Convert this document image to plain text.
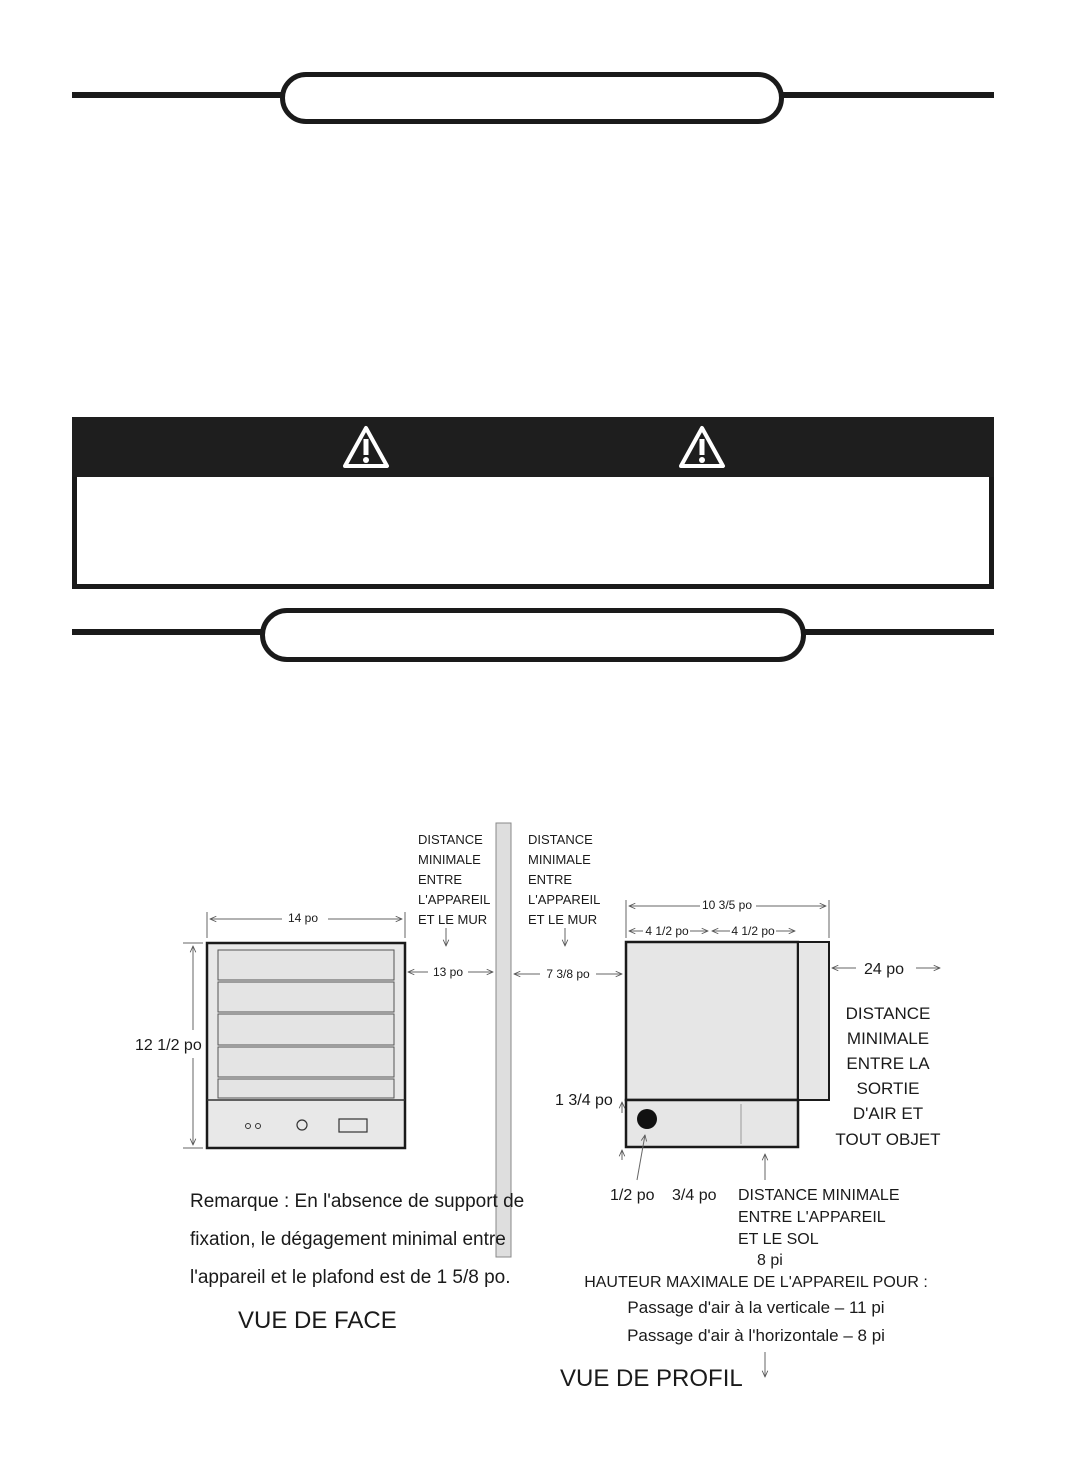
14 po
12 1/2 po
13 po
DISTANCE
MINIMALE
ENTRE
L'APPAREIL
ET LE MUR
DISTANCE
MINIMALE
ENTRE
L'APPAREIL
ET LE MUR
7 3/8 po
10 3/5 po
4 1/2 po	4 1/2 po
24 po
DISTANCE
MINIMALE
ENTRE LA
SORTIE
D'AIR ET
TOUT OBJET
1 3/4 po
1/2 po 3/4 po DISTANCE MINIMALE
ENTRE L'APPAREIL
ET LE SOL
8 pi
HAUTEUR MAXIMALE DE L'APPAREIL POUR :
Passage d'air à la verticale – 11 pi
Passage d'air à l'horizontale – 8 pi
Remarque : En l'absence de support de
fixation, le dégagement minimal entre
l'appareil et le plafond est de 1 5/8 po.
VUE DE FACE
VUE DE PROFIL
